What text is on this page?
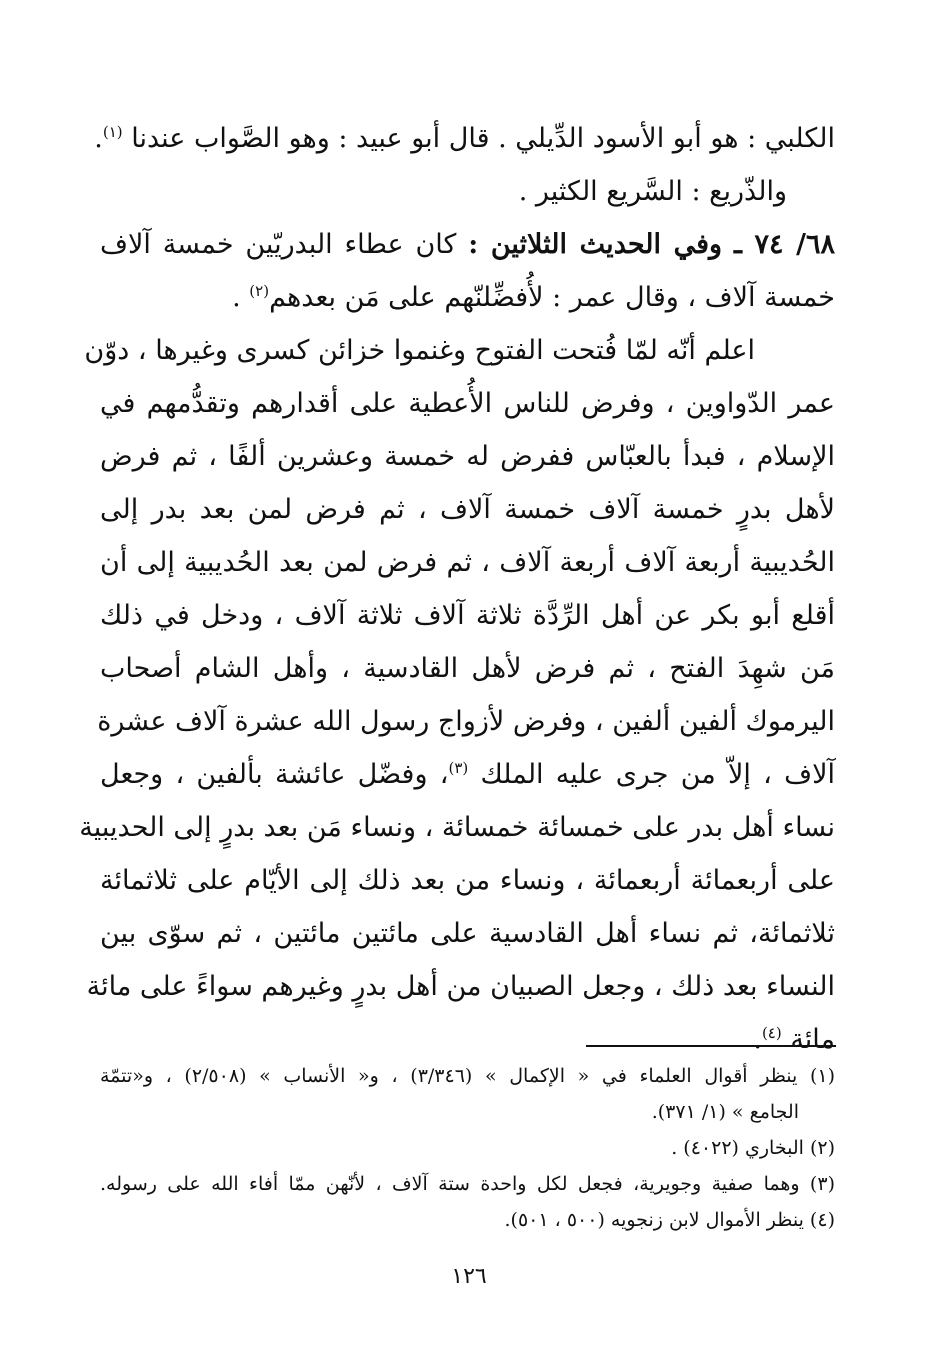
الكلبي : هو أبو الأسود الدِّيلي . قال أبو عبيد : وهو الصَّواب عندنا $^{(١)}$.
والذّريع : السَّريع الكثير .
٦٨/ ٧٤ ـ وفي الحديث الثلاثين : كان عطاء البدريّين خمسة آلاف
خمسة آلاف ، وقال عمر : لأُفضِّلنّهم على مَن بعدهم$^{(٢)}$ .
اعلم أنّه لمّا فُتحت الفتوح وغنموا خزائن كسرى وغيرها ، دوّن
عمر الدّواوين ، وفرض للناس الأُعطية على أقدارهم وتقدُّمهم في
الإسلام ، فبدأ بالعبّاس ففرض له خمسة وعشرين ألفًا ، ثم فرض
لأهل بدرٍ خمسة آلاف خمسة آلاف ، ثم فرض لمن بعد بدر إلى
الحُديبية أربعة آلاف أربعة آلاف ، ثم فرض لمن بعد الحُديبية إلى أن
أقلع أبو بكر عن أهل الرِّدَّة ثلاثة آلاف ثلاثة آلاف ، ودخل في ذلك
مَن شهِدَ الفتح ، ثم فرض لأهل القادسية ، وأهل الشام أصحاب
اليرموك ألفين ألفين ، وفرض لأزواج رسول الله عشرة آلاف عشرة
آلاف ، إلاّ من جرى عليه الملك $^{(٣)}$، وفضّل عائشة بألفين ، وجعل
نساء أهل بدر على خمسائة خمسائة ، ونساء مَن بعد بدرٍ إلى الحديبية
على أربعمائة أربعمائة ، ونساء من بعد ذلك إلى الأيّام على ثلاثمائة
ثلاثمائة، ثم نساء أهل القادسية على مائتين مائتين ، ثم سوّى بين
النساء بعد ذلك ، وجعل الصبيان من أهل بدرٍ وغيرهم سواءً على مائة
مائة $^{(٤)}$.
(١) ينظر أقوال العلماء في « الإكمال » (٣/٣٤٦) ، و« الأنساب » (٢/٥٠٨) ، و«تتمّة
الجامع » (١/ ٣٧١).
(٢) البخاري (٤٠٢٢) .
(٣) وهما صفية وجويرية، فجعل لكل واحدة ستة آلاف ، لأنّهن ممّا أفاء الله على رسوله.
(٤) ينظر الأموال لابن زنجويه (٥٠٠ ، ٥٠١).
١٢٦
